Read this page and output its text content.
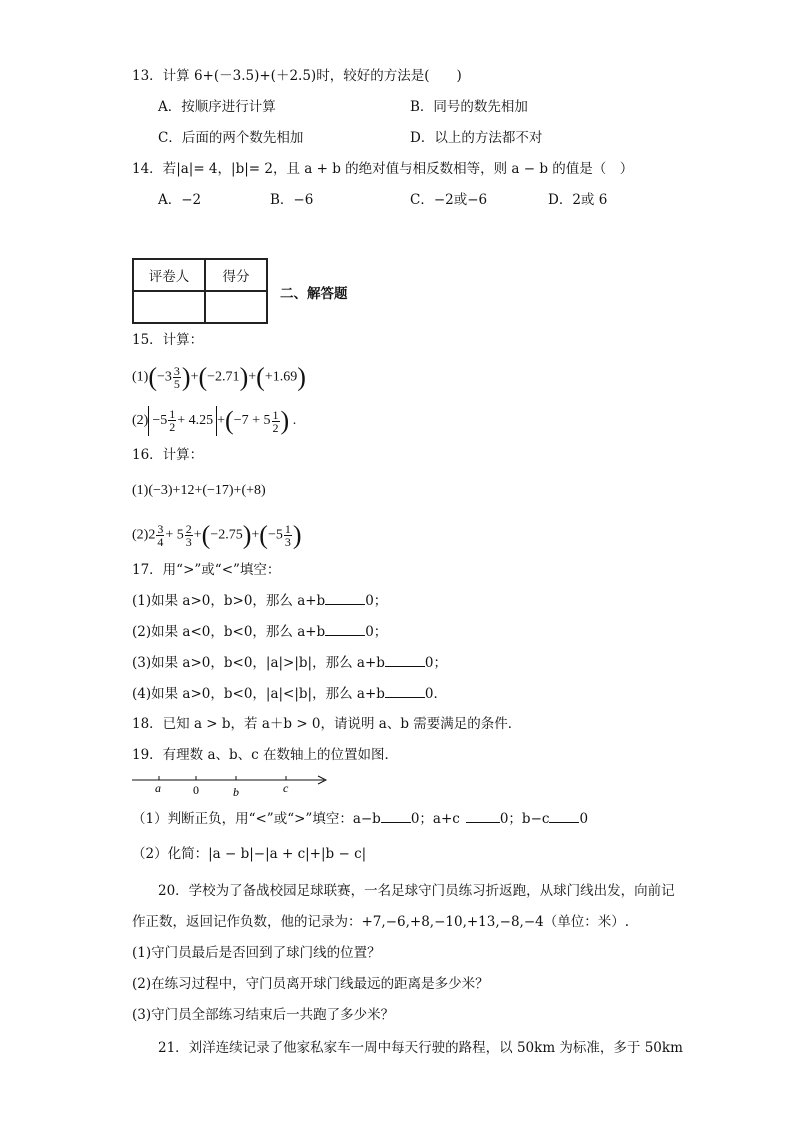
13．计算 6+(－3.5)+(＋2.5)时，较好的方法是(　　)
A．按顺序进行计算	B．同号的数先相加
C．后面的两个数先相加	D．以上的方法都不对
14．若|a|= 4，|b|= 2，且 a + b 的绝对值与相反数相等，则 a − b 的值是（　）
A．−2	B．−6	C．−2或−6	D．2或 6
评卷人	得分

二、解答题
15．计算：
$(1)(-3 \frac{3}{5} )+(-2.71)+(+1.69)$
$(2) -5 \frac{1}{2} + 4.25 +(-7 + 5 \frac{1}{2}$ ) .
16．计算：
(1)(−3)+12+(−17)+(+8)
$(2)2 \frac{3}{4} + 5 \frac{2}{3} +(-2.75)+(-5 \frac{1}{3}$ )
17．用“>”或“<”填空：
(1)如果 a>0，b>0，那么 a+b	0；
(2)如果 a<0，b<0，那么 a+b	0；
(3)如果 a>0，b<0，|a|>|b|，那么 a+b	0；
(4)如果 a>0，b<0，|a|<|b|，那么 a+b	0．
18．已知 a > b，若 a＋b > 0，请说明 a、b 需要满足的条件．
19．有理数 a、b、c 在数轴上的位置如图．
a	0	b	c
（1）判断正负，用“<”或“>”填空：a−b 0；a+c	0；b−c 0
（2）化简：|a − b|−|a + c|+|b − c|
20．学校为了备战校园足球联赛，一名足球守门员练习折返跑，从球门线出发，向前记
作正数，返回记作负数，他的记录为：+7,−6,+8,−10,+13,−8,−4（单位：米）.
(1)守门员最后是否回到了球门线的位置？
(2)在练习过程中，守门员离开球门线最远的距离是多少米？
(3)守门员全部练习结束后一共跑了多少米？
21．刘洋连续记录了他家私家车一周中每天行驶的路程，以 50km 为标准，多于 50km
